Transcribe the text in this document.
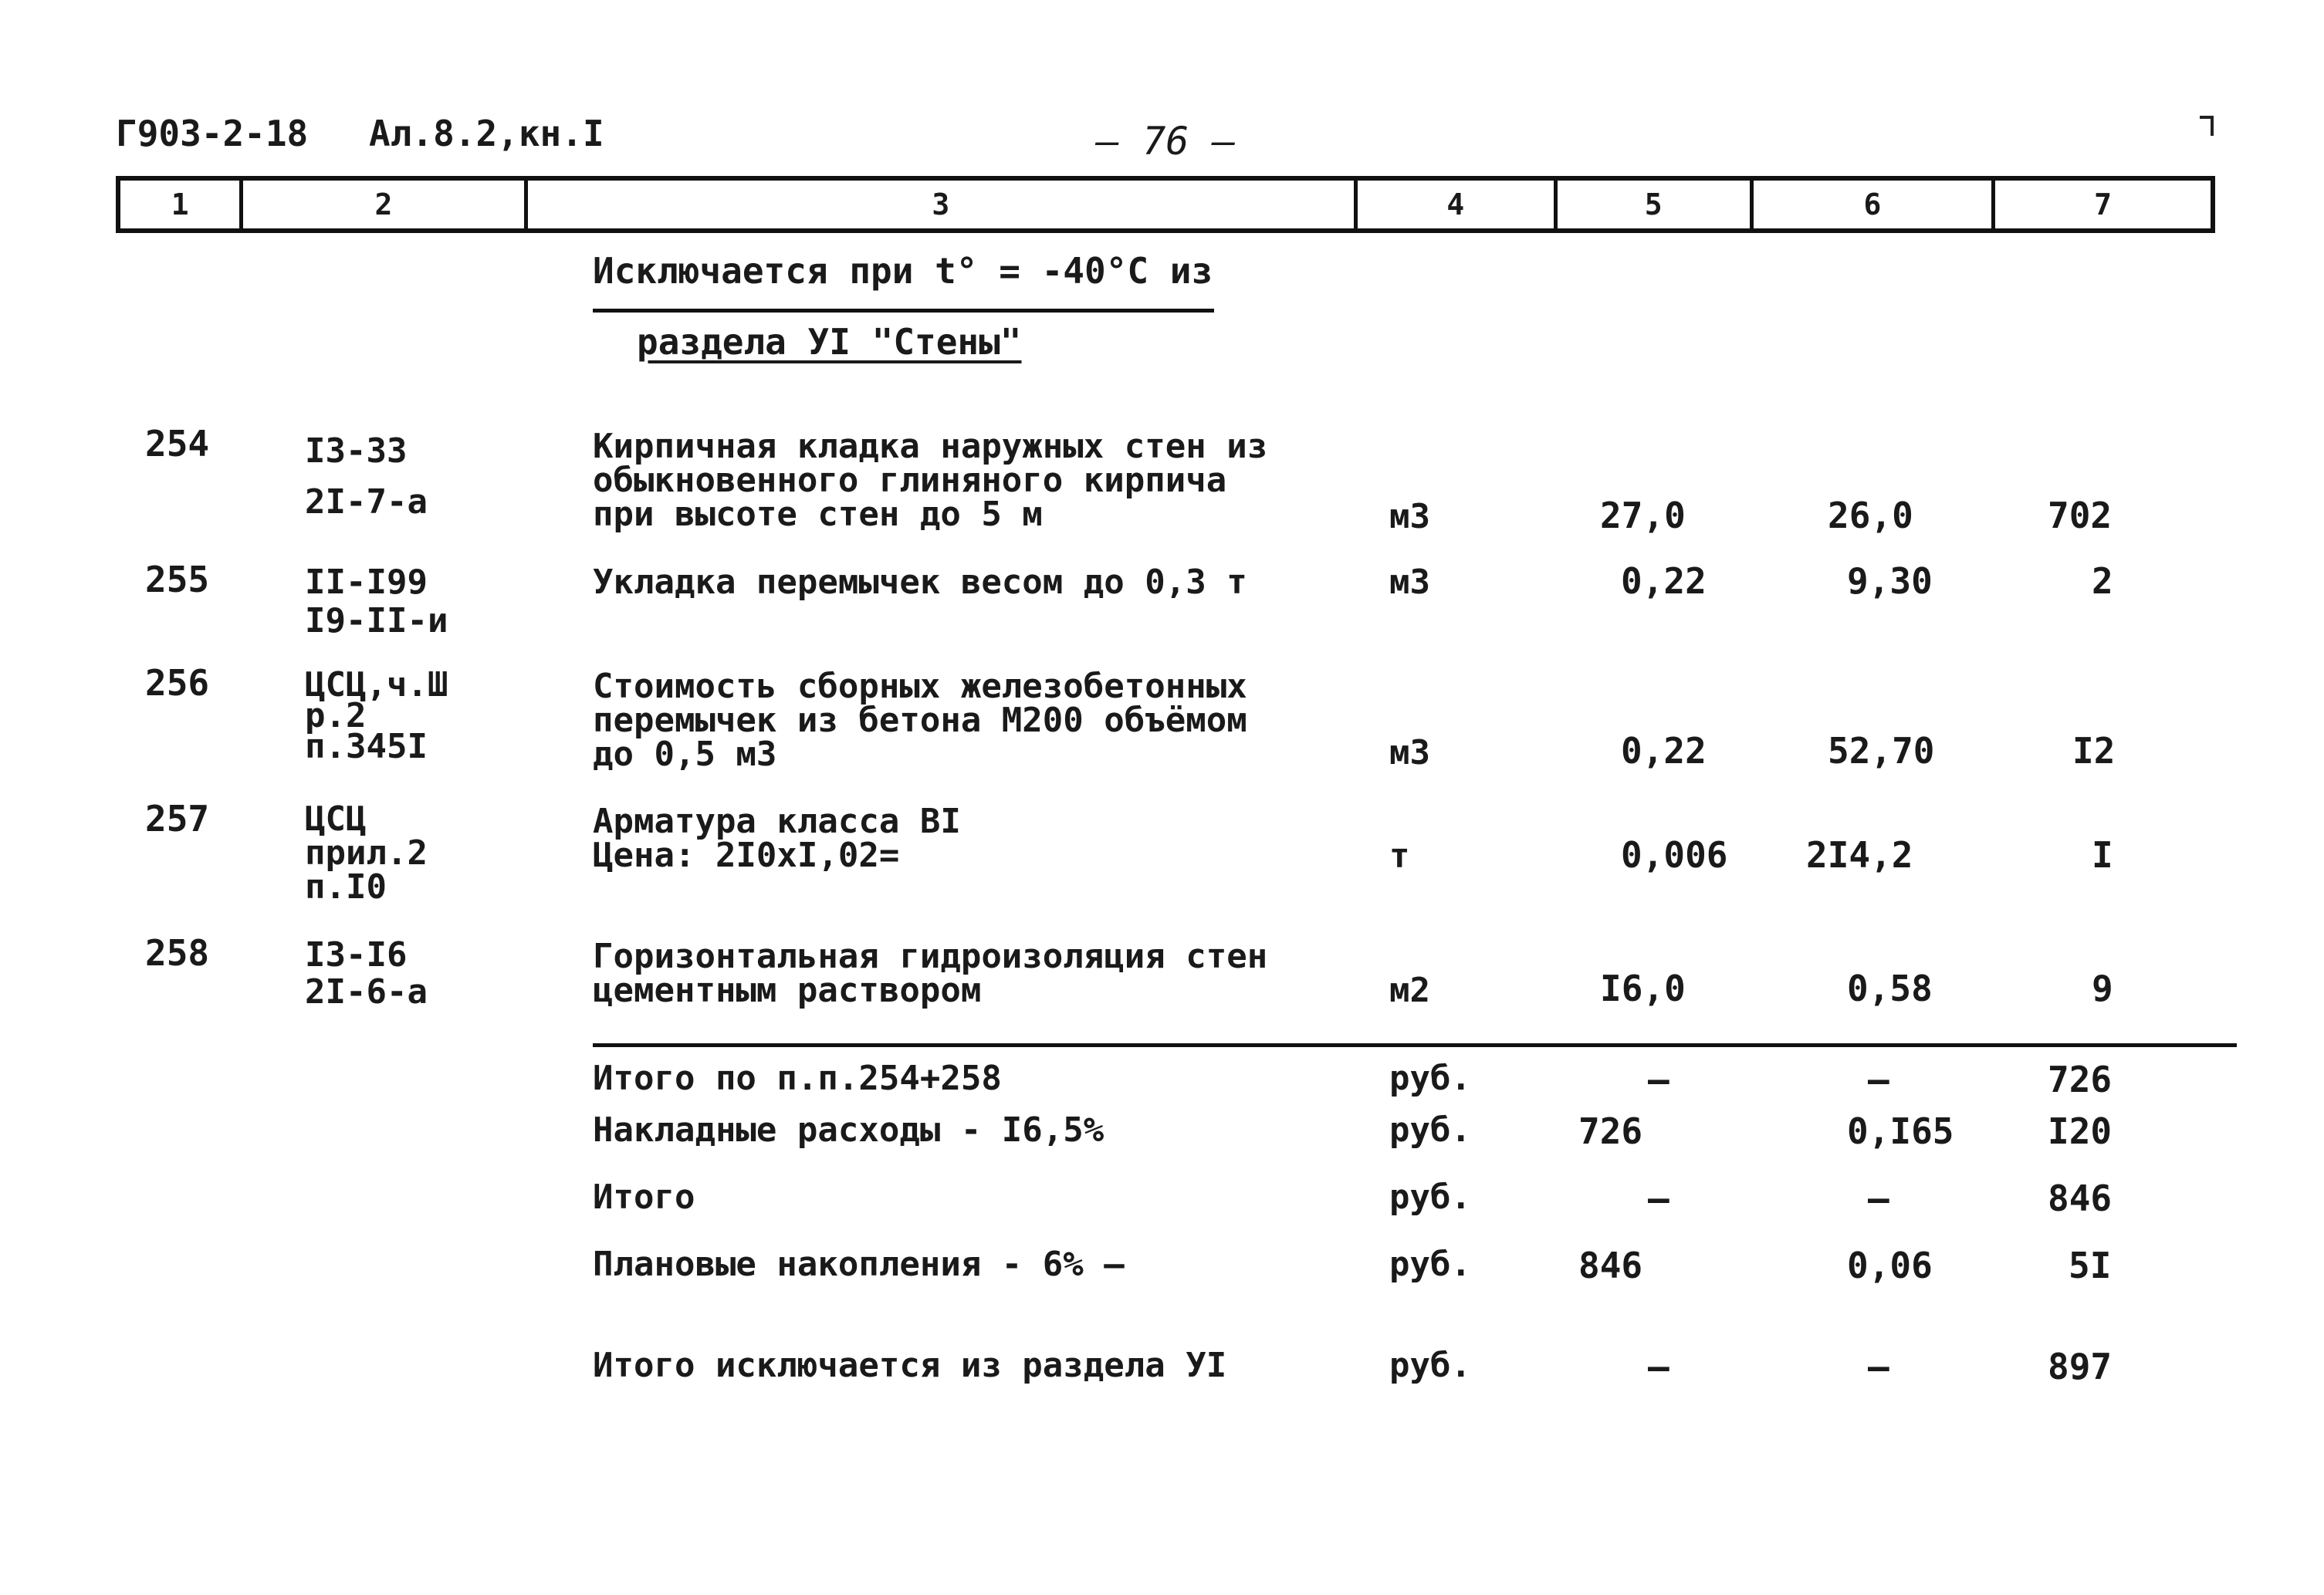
Г903-2-18 Ал.8.2,кн.I	— 76 —
1	2	3	4	5	6	7
Исключается при t° = -40°С из
раздела УI "Стены"
254	I3-33
2I-7-а
Кирпичная кладка наружных стен из
обыкновенного глиняного кирпича
при высоте стен до 5 м	м3	27,0	26,0	702
255	II-I99
I9-II-и
Укладка перемычек весом до 0,3 т	м3	0,22	9,30	2
256	ЦСЦ,ч.Ш
р.2
п.345I
Стоимость сборных железобетонных
перемычек из бетона М200 объёмом
до 0,5 м3	м3	0,22	52,70	I2
257	ЦСЦ
прил.2
п.I0
Арматура класса BI
Цена: 2I0хI,02=	т	0,006 2I4,2	I
258	I3-I6
2I-6-а
Горизонтальная гидроизоляция стен
цементным раствором	м2	I6,0	0,58	9
Итого по п.п.254+258	руб.	–	–	726
Накладные расходы - I6,5%	руб.	726	0,I65	I20
Итого	руб.	–	–	846
Плановые накопления - 6% –	руб.	846	0,06	5I
Итого исключается из раздела УI	руб.	–	–	897
